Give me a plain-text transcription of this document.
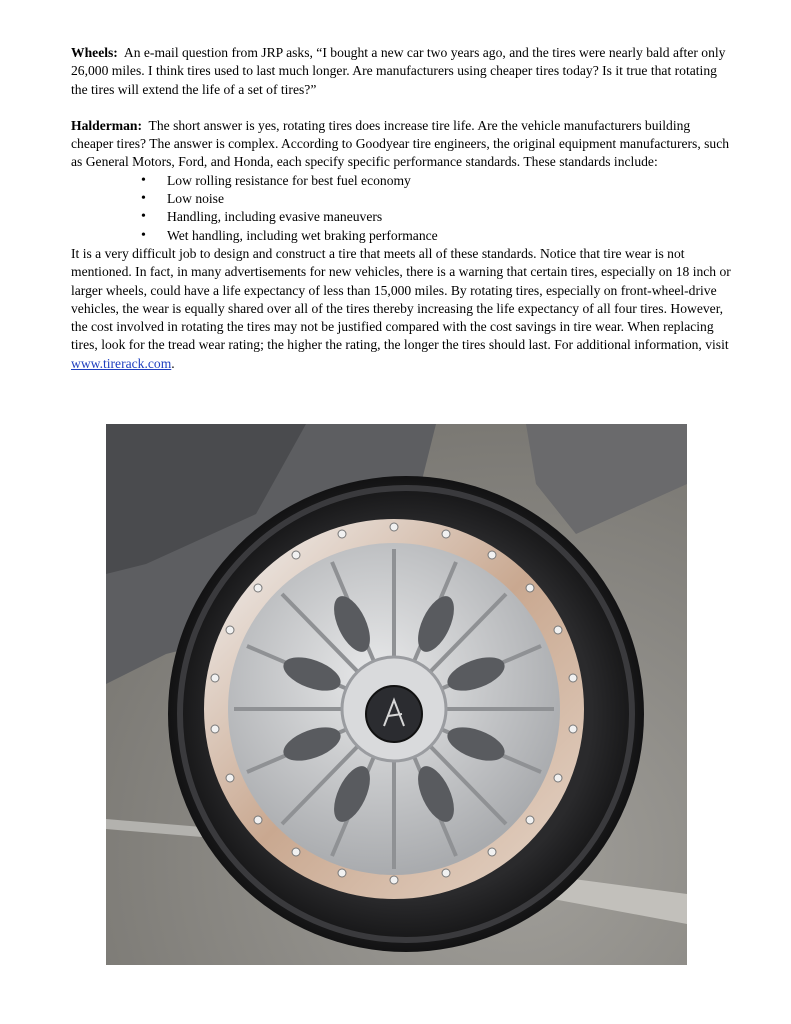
Wheels: An e-mail question from JRP asks, “I bought a new car two years ago, and the tires were nearly bald after only 26,000 miles. I think tires used to last much longer. Are manufacturers using cheaper tires today? Is it true that rotating the tires will extend the life of a set of tires?”

Halderman: The short answer is yes, rotating tires does increase tire life. Are the vehicle manufacturers building cheaper tires? The answer is complex. According to Goodyear tire engineers, the original equipment manufacturers, such as General Motors, Ford, and Honda, each specify specific performance standards. These standards include:

• Low rolling resistance for best fuel economy
• Low noise
• Handling, including evasive maneuvers
• Wet handling, including wet braking performance

It is a very difficult job to design and construct a tire that meets all of these standards. Notice that tire wear is not mentioned. In fact, in many advertisements for new vehicles, there is a warning that certain tires, especially on 18 inch or larger wheels, could have a life expectancy of less than 15,000 miles. By rotating tires, especially on front-wheel-drive vehicles, the wear is equally shared over all of the tires thereby increasing the life expectancy of all four tires. However, the cost involved in rotating the tires may not be justified compared with the cost savings in tire wear. When replacing tires, look for the tread wear rating; the higher the rating, the longer the tires should last. For additional information, visit www.tirerack.com.
